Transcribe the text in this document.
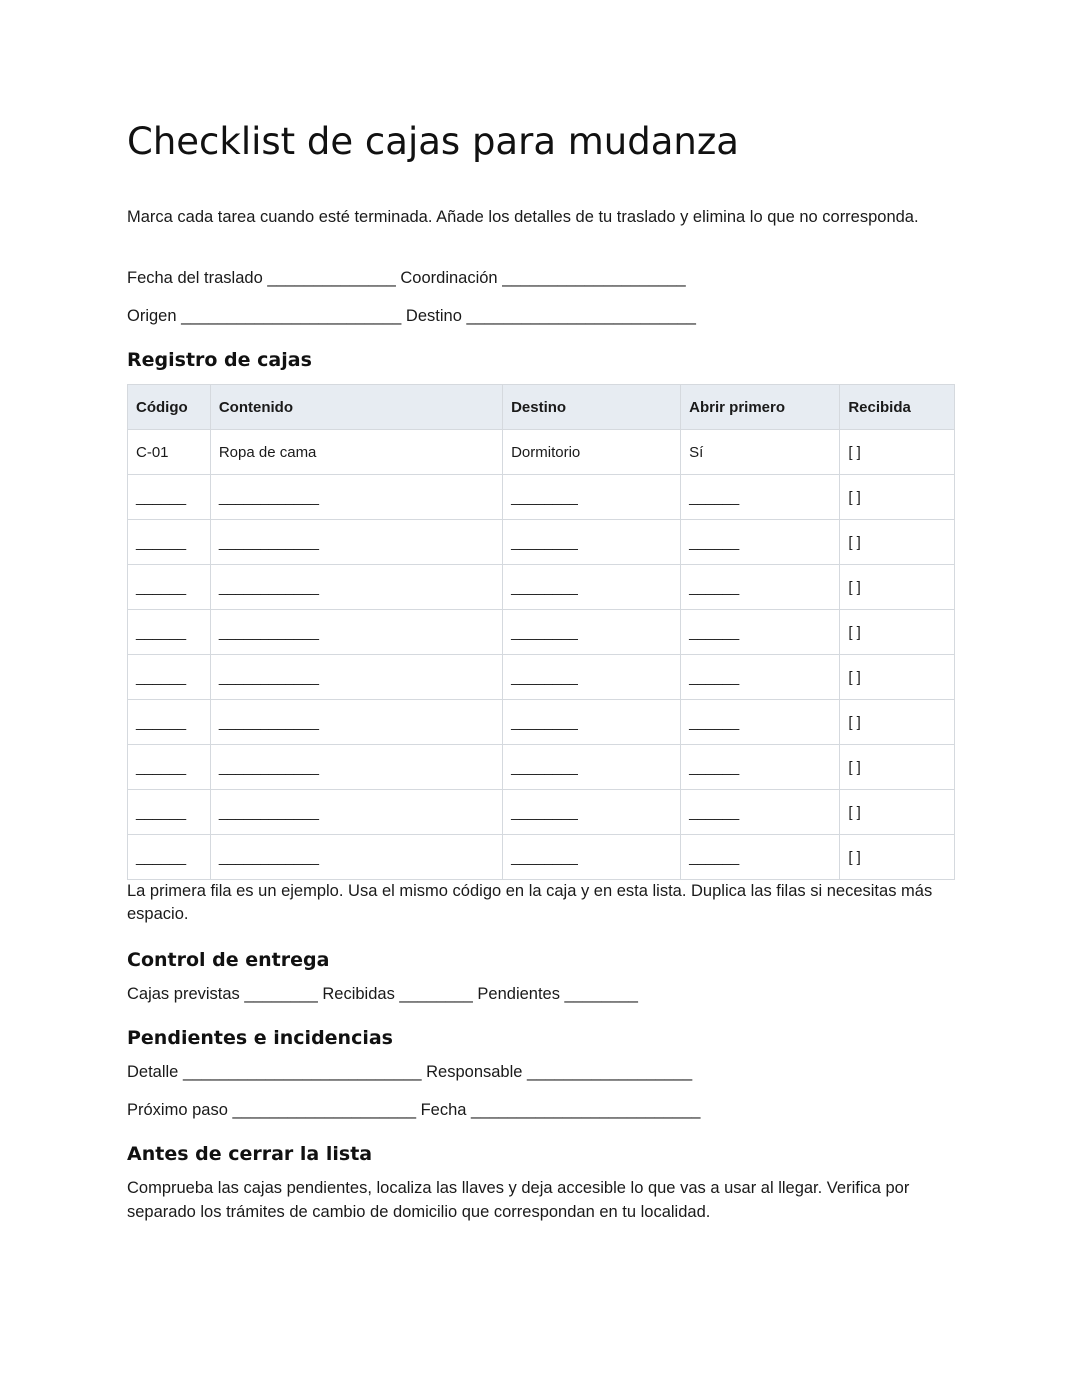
Checklist de cajas para mudanza

Marca cada tarea cuando esté terminada. Añade los detalles de tu traslado y elimina lo que no corresponda.

Fecha del traslado ______________ Coordinación ____________________

Origen ________________________ Destino _________________________

Registro de cajas
Código	Contenido	Destino	Abrir primero	Recibida
C-01	Ropa de cama	Dormitorio	Sí	[ ]
______	____________	________	______	[ ]
______	____________	________	______	[ ]
______	____________	________	______	[ ]
______	____________	________	______	[ ]
______	____________	________	______	[ ]
______	____________	________	______	[ ]
______	____________	________	______	[ ]
______	____________	________	______	[ ]
______	____________	________	______	[ ]

La primera fila es un ejemplo. Usa el mismo código en la caja y en esta lista. Duplica las filas si necesitas más espacio.

Control de entrega

Cajas previstas ________ Recibidas ________ Pendientes ________

Pendientes e incidencias

Detalle __________________________ Responsable __________________

Próximo paso ____________________ Fecha _________________________

Antes de cerrar la lista

Comprueba las cajas pendientes, localiza las llaves y deja accesible lo que vas a usar al llegar. Verifica por separado los trámites de cambio de domicilio que correspondan en tu localidad.
